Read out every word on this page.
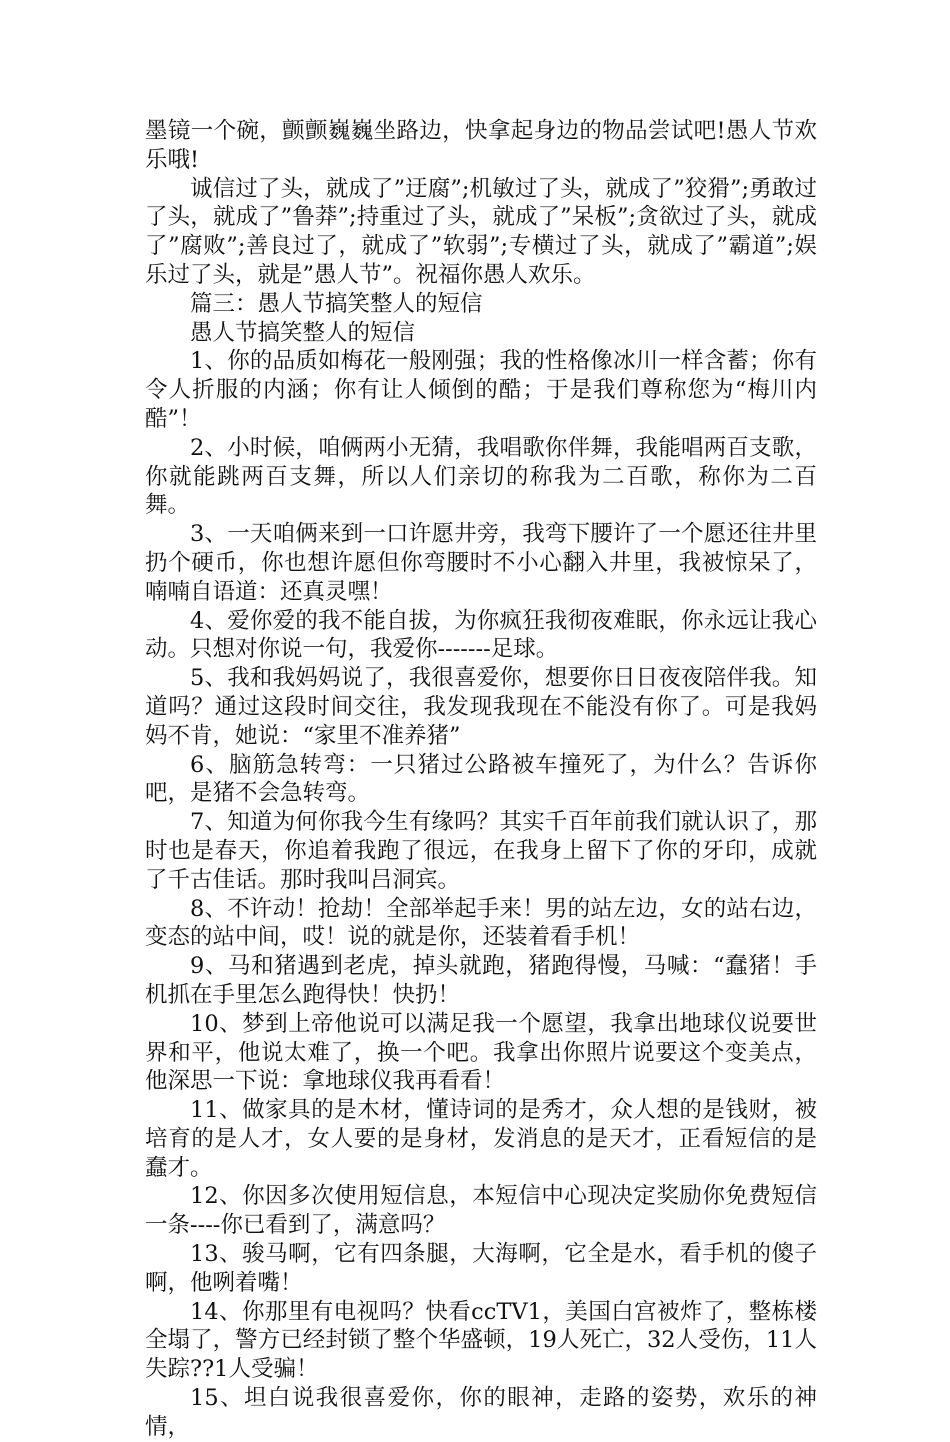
墨镜一个碗，颤颤巍巍坐路边，快拿起身边的物品尝试吧!愚人节欢乐哦!

诚信过了头，就成了”迂腐”;机敏过了头，就成了”狡猾”;勇敢过了头，就成了”鲁莽”;持重过了头，就成了”呆板”;贪欲过了头，就成了”腐败”;善良过了，就成了”软弱”;专横过了头，就成了”霸道”;娱乐过了头，就是”愚人节”。祝福你愚人欢乐。

篇三：愚人节搞笑整人的短信

愚人节搞笑整人的短信

1、你的品质如梅花一般刚强；我的性格像冰川一样含蓄；你有令人折服的内涵；你有让人倾倒的酷；于是我们尊称您为“梅川内酷”！

2、小时候，咱俩两小无猜，我唱歌你伴舞，我能唱两百支歌，你就能跳两百支舞，所以人们亲切的称我为二百歌，称你为二百舞。

3、一天咱俩来到一口许愿井旁，我弯下腰许了一个愿还往井里扔个硬币，你也想许愿但你弯腰时不小心翻入井里，我被惊呆了，喃喃自语道：还真灵嘿！

4、爱你爱的我不能自拔，为你疯狂我彻夜难眠，你永远让我心动。只想对你说一句，我爱你-------足球。

5、我和我妈妈说了，我很喜爱你，想要你日日夜夜陪伴我。知道吗？通过这段时间交往，我发现我现在不能没有你了。可是我妈妈不肯，她说：“家里不准养猪”

6、脑筋急转弯：一只猪过公路被车撞死了，为什么？告诉你吧，是猪不会急转弯。

7、知道为何你我今生有缘吗？其实千百年前我们就认识了，那时也是春天，你追着我跑了很远，在我身上留下了你的牙印，成就了千古佳话。那时我叫吕洞宾。

8、不许动！抢劫！全部举起手来！男的站左边，女的站右边，变态的站中间，哎！说的就是你，还装着看手机！

9、马和猪遇到老虎，掉头就跑，猪跑得慢，马喊：“蠢猪！手机抓在手里怎么跑得快！快扔！

10、梦到上帝他说可以满足我一个愿望，我拿出地球仪说要世界和平，他说太难了，换一个吧。我拿出你照片说要这个变美点，他深思一下说：拿地球仪我再看看！

11、做家具的是木材，懂诗词的是秀才，众人想的是钱财，被培育的是人才，女人要的是身材，发消息的是天才，正看短信的是蠢才。

12、你因多次使用短信息，本短信中心现决定奖励你免费短信一条----你已看到了，满意吗？

13、骏马啊，它有四条腿，大海啊，它全是水，看手机的傻子啊，他咧着嘴！

14、你那里有电视吗？快看ccTV1，美国白宫被炸了，整栋楼全塌了，警方已经封锁了整个华盛顿，19人死亡，32人受伤，11人失踪??1人受骗！

15、坦白说我很喜爱你，你的眼神，走路的姿势，欢乐的神情，
